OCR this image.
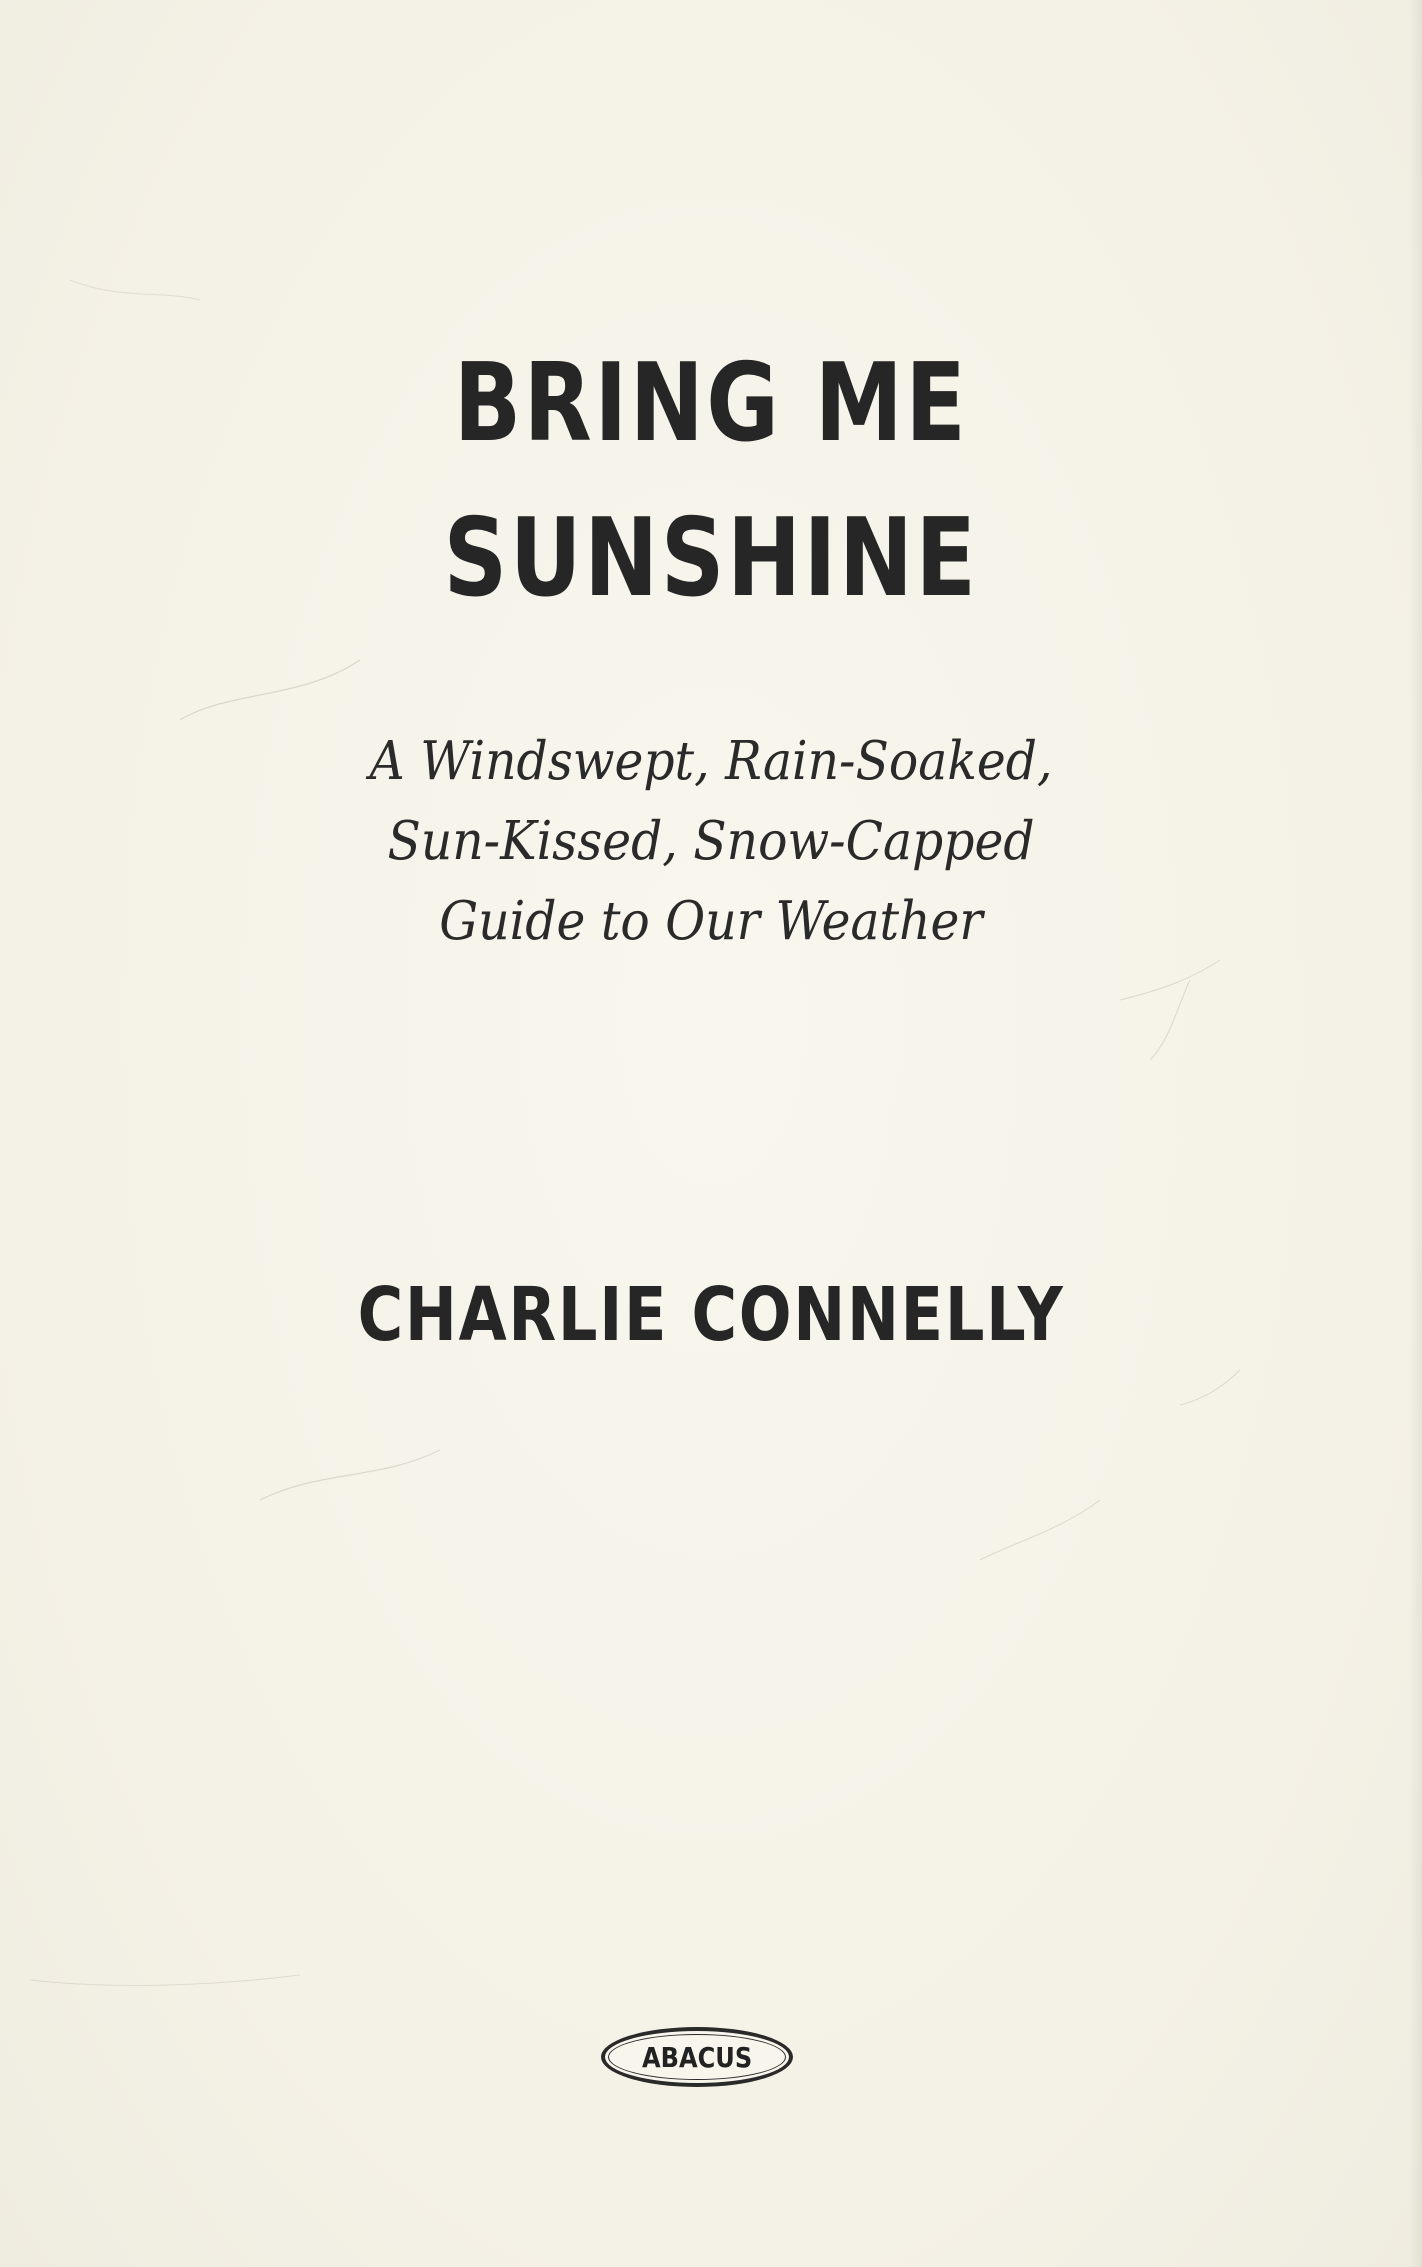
BRING ME
SUNSHINE

A Windswept, Rain-Soaked,

Sun-Kissed, Snow-Capped

Guide to Our Weather

CHARLIE CONNELLY

ABACUS
